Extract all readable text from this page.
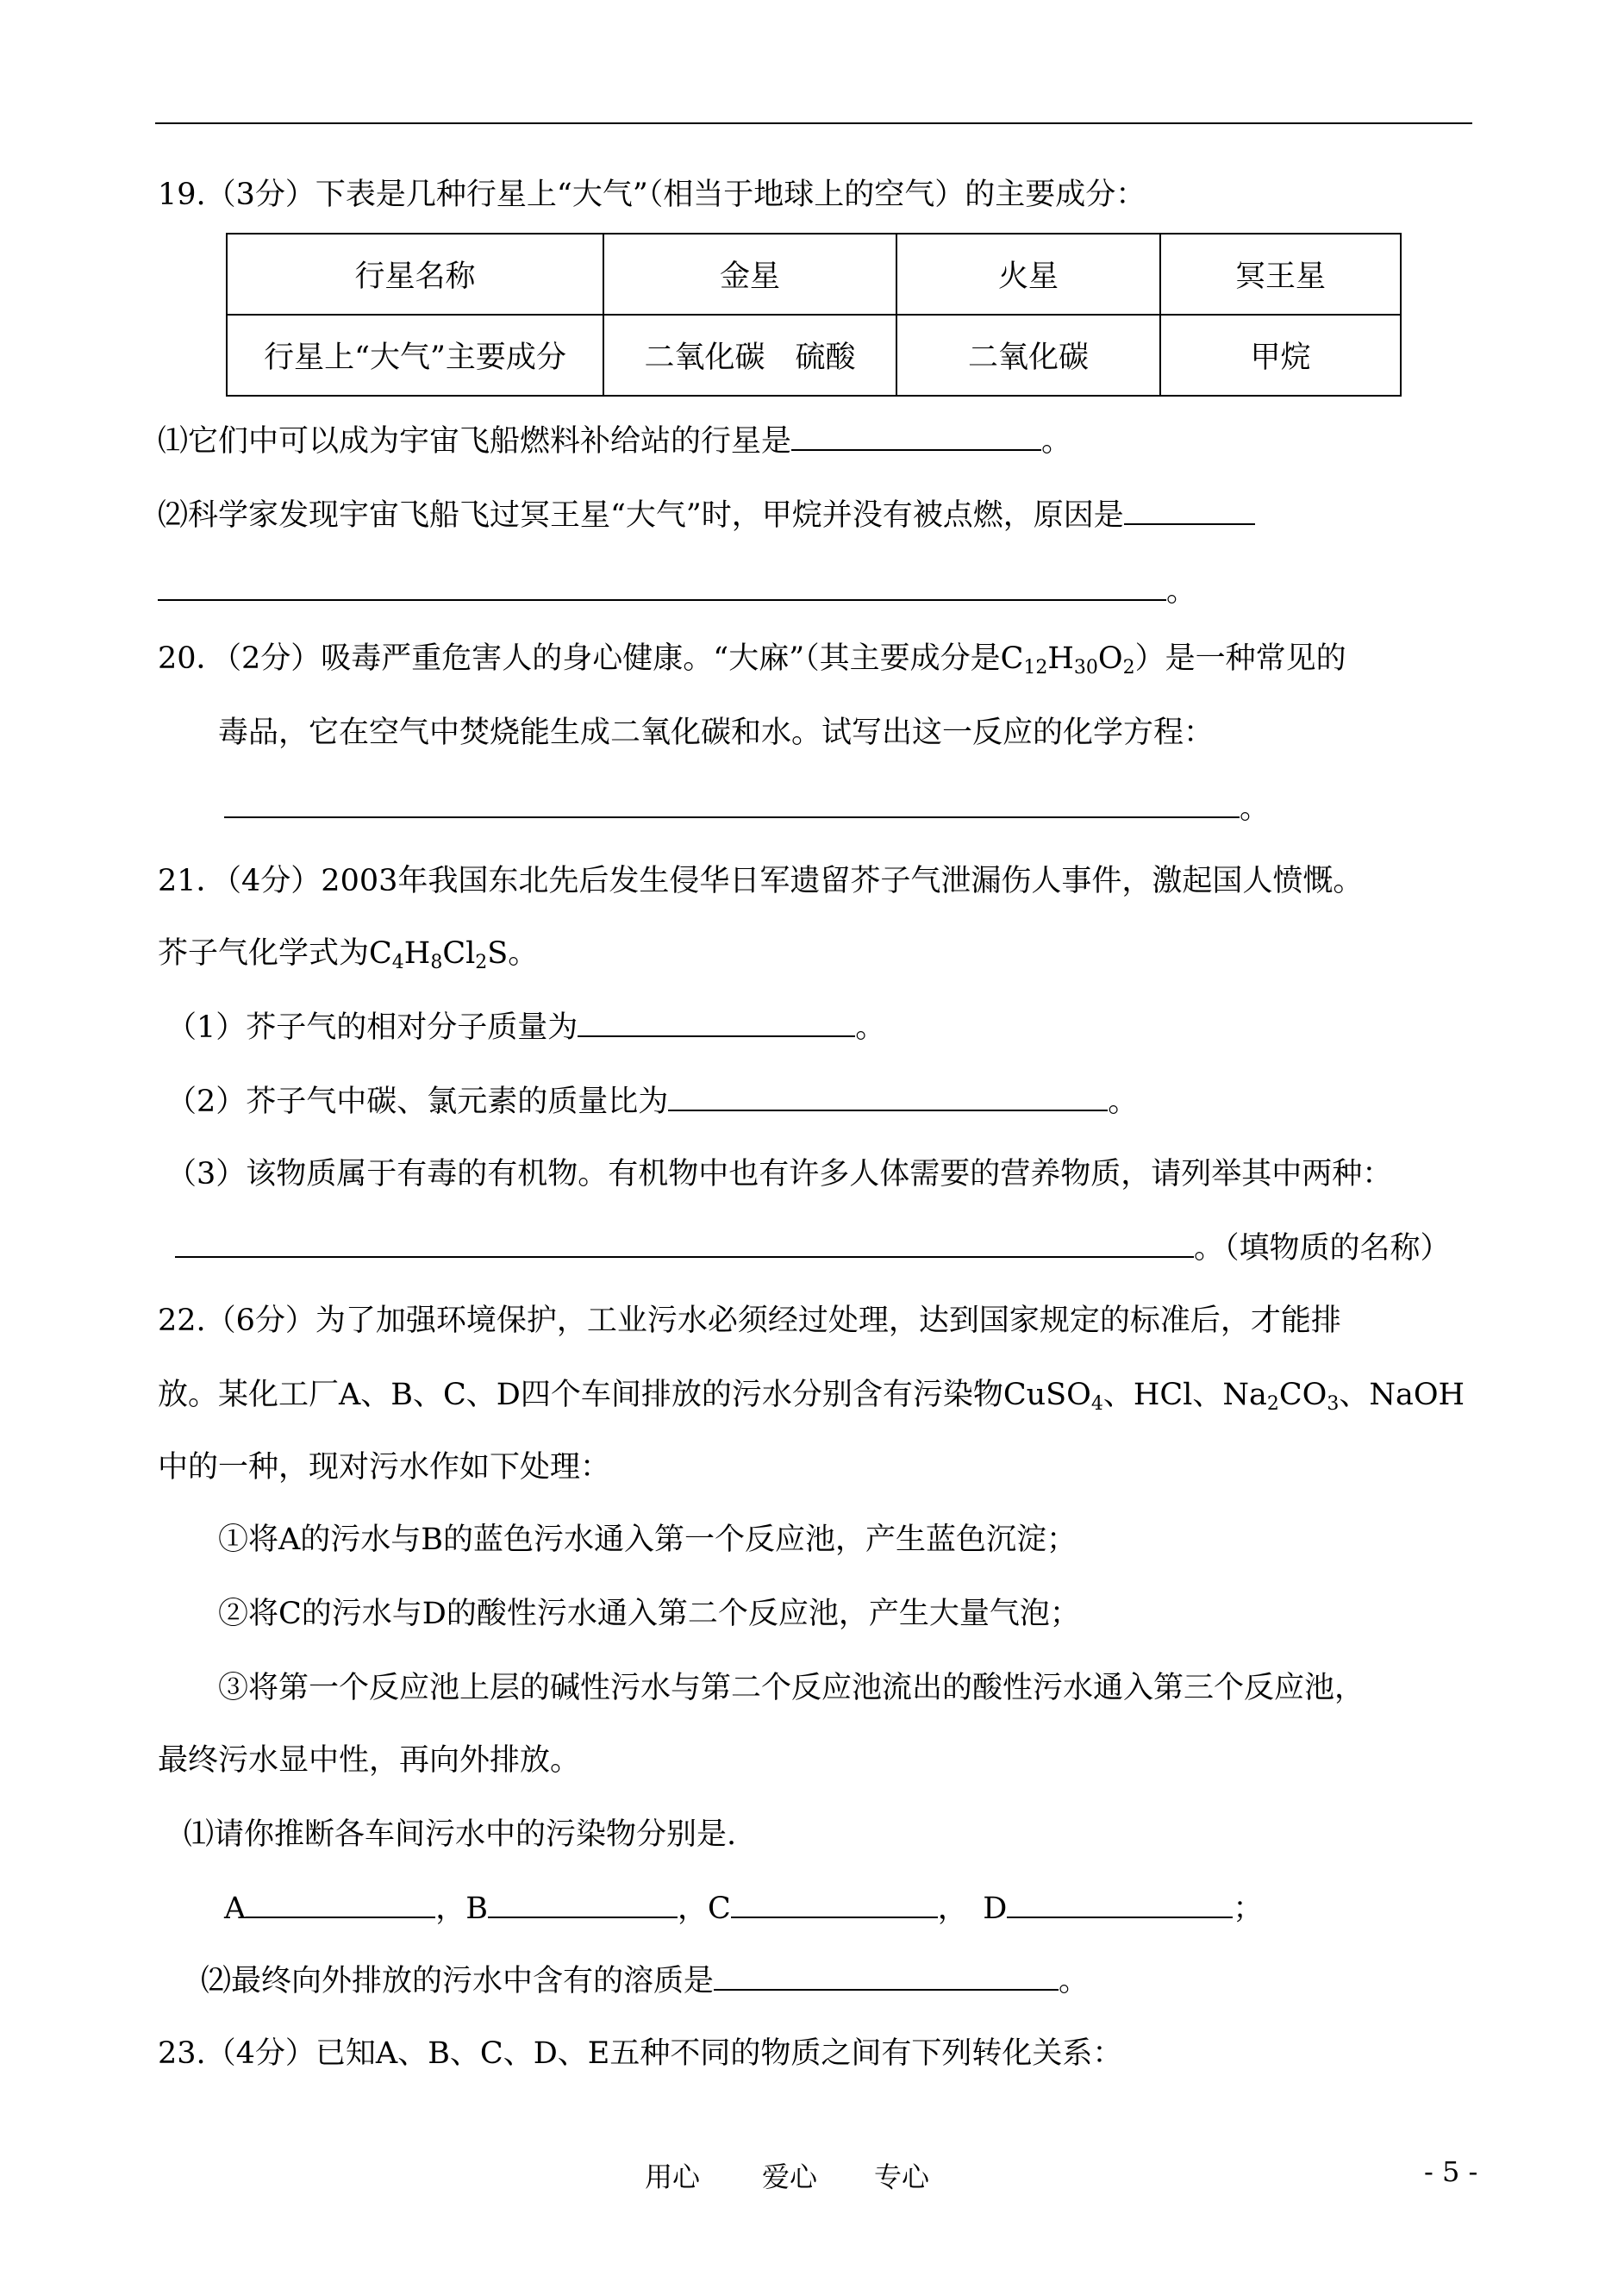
19.（3分）下表是几种行星上“大气”（相当于地球上的空气）的主要成分：
行星名称	金星	火星	冥王星
行星上“大气”主要成分	二氧化碳　硫酸	二氧化碳	甲烷
⑴它们中可以成为宇宙飞船燃料补给站的行星是	。
⑵科学家发现宇宙飞船飞过冥王星“大气”时，甲烷并没有被点燃，原因是
。
20．（2分）吸毒严重危害人的身心健康。“大麻”（其主要成分是$C_{12}H_{30}O_2$）是一种常见的
毒品，它在空气中焚烧能生成二氧化碳和水。试写出这一反应的化学方程：
。
21．（4分）2003年我国东北先后发生侵华日军遗留芥子气泄漏伤人事件，激起国人愤慨。
芥子气化学式为$C_4H_8Cl_2S$。
（1）芥子气的相对分子质量为	。
（2）芥子气中碳、氯元素的质量比为	。
（3）该物质属于有毒的有机物。有机物中也有许多人体需要的营养物质，请列举其中两种：
。（填物质的名称）
22.（6分）为了加强环境保护，工业污水必须经过处理，达到国家规定的标准后，才能排
放。某化工厂A、B、C、D四个车间排放的污水分别含有污染物CuSO$_4$、HCl、$Na_2CO_3$、NaOH
中的一种，现对污水作如下处理：
①将A的污水与B的蓝色污水通入第一个反应池，产生蓝色沉淀；
②将C的污水与D的酸性污水通入第二个反应池，产生大量气泡；
③将第一个反应池上层的碱性污水与第二个反应池流出的酸性污水通入第三个反应池，
最终污水显中性，再向外排放。
⑴请你推断各车间污水中的污染物分别是.
A	，B	，C	，　D	；
⑵最终向外排放的污水中含有的溶质是	。
23.（4分）已知A、B、C、D、E五种不同的物质之间有下列转化关系：
用心 爱心 专心	- 5 -
